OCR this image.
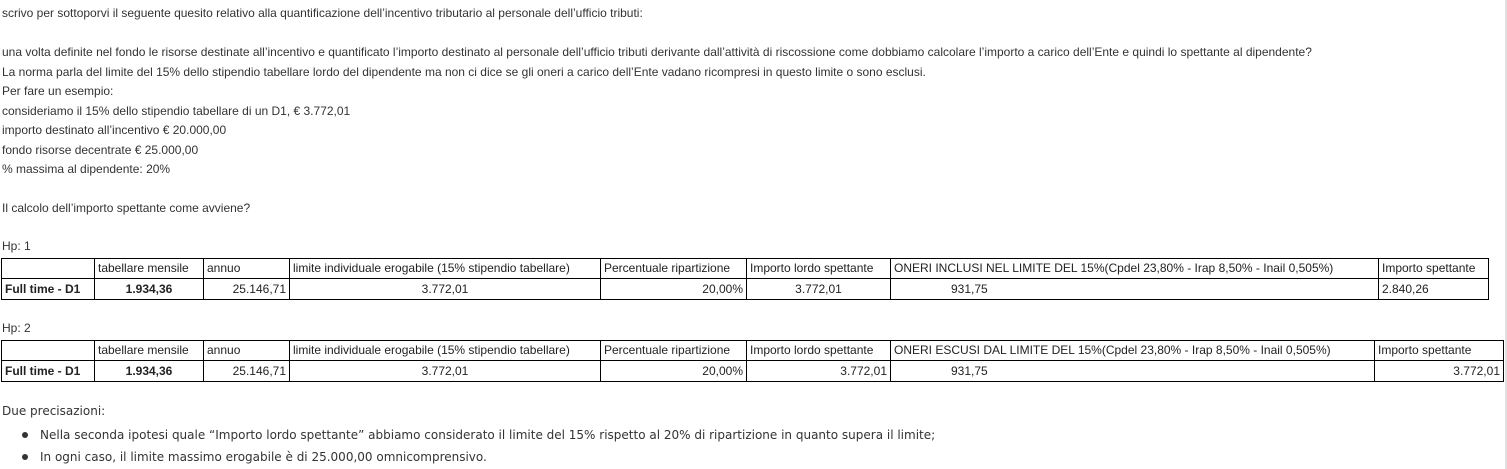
scrivo per sottoporvi il seguente quesito relativo alla quantificazione dell’incentivo tributario al personale dell’ufficio tributi:
una volta definite nel fondo le risorse destinate all’incentivo e quantificato l’importo destinato al personale dell’ufficio tributi derivante dall’attività di riscossione come dobbiamo calcolare l’importo a carico dell’Ente e quindi lo spettante al dipendente?
La norma parla del limite del 15% dello stipendio tabellare lordo del dipendente ma non ci dice se gli oneri a carico dell’Ente vadano ricompresi in questo limite o sono esclusi.
Per fare un esempio:
consideriamo il 15% dello stipendio tabellare di un D1, € 3.772,01
importo destinato all’incentivo € 20.000,00
fondo risorse decentrate € 25.000,00
% massima al dipendente: 20%
Il calcolo dell’importo spettante come avviene?
Hp: 1
	tabellare mensile	annuo	limite individuale erogabile (15% stipendio tabellare)	Percentuale ripartizione	Importo lordo spettante	ONERI INCLUSI NEL LIMITE DEL 15%(Cpdel 23,80% - Irap 8,50% - Inail 0,505%)	Importo spettante
Full time - D1	1.934,36	25.146,71	3.772,01	20,00%	3.772,01	931,75	2.840,26
Hp: 2
	tabellare mensile	annuo	limite individuale erogabile (15% stipendio tabellare)	Percentuale ripartizione	Importo lordo spettante	ONERI ESCUSI DAL LIMITE DEL 15%(Cpdel 23,80% - Irap 8,50% - Inail 0,505%)	Importo spettante
Full time - D1	1.934,36	25.146,71	3.772,01	20,00%	3.772,01	931,75	3.772,01
Due precisazioni:
Nella seconda ipotesi quale “Importo lordo spettante” abbiamo considerato il limite del 15% rispetto al 20% di ripartizione in quanto supera il limite;
In ogni caso, il limite massimo erogabile è di 25.000,00 omnicomprensivo.
